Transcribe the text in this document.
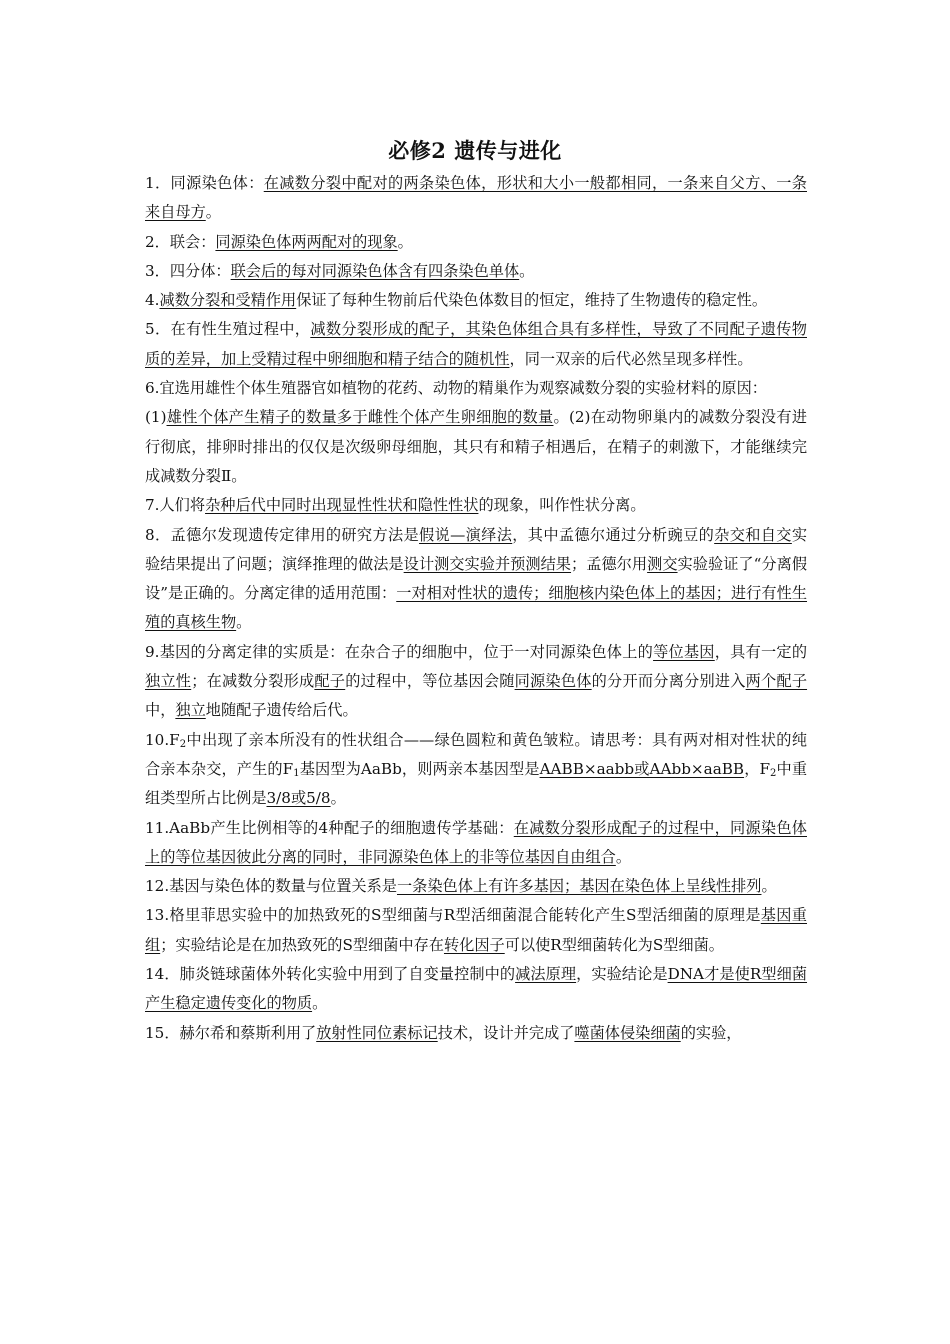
必修2 遗传与进化

1．同源染色体：在减数分裂中配对的两条染色体，形状和大小一般都相同，一条来自父方、一条来自母方。

2．联会：同源染色体两两配对的现象。

3．四分体：联会后的每对同源染色体含有四条染色单体。

4.减数分裂和受精作用保证了每种生物前后代染色体数目的恒定，维持了生物遗传的稳定性。

5．在有性生殖过程中，减数分裂形成的配子，其染色体组合具有多样性，导致了不同配子遗传物质的差异，加上受精过程中卵细胞和精子结合的随机性，同一双亲的后代必然呈现多样性。

6.宜选用雄性个体生殖器官如植物的花药、动物的精巢作为观察减数分裂的实验材料的原因：

(1)雄性个体产生精子的数量多于雌性个体产生卵细胞的数量。(2)在动物卵巢内的减数分裂没有进行彻底，排卵时排出的仅仅是次级卵母细胞，其只有和精子相遇后，在精子的刺激下，才能继续完成减数分裂Ⅱ。

7.人们将杂种后代中同时出现显性性状和隐性性状的现象，叫作性状分离。

8．孟德尔发现遗传定律用的研究方法是假说—演绎法，其中孟德尔通过分析豌豆的杂交和自交实验结果提出了问题；演绎推理的做法是设计测交实验并预测结果；孟德尔用测交实验验证了“分离假设”是正确的。分离定律的适用范围：一对相对性状的遗传；细胞核内染色体上的基因；进行有性生殖的真核生物。

9.基因的分离定律的实质是：在杂合子的细胞中，位于一对同源染色体上的等位基因，具有一定的独立性；在减数分裂形成配子的过程中，等位基因会随同源染色体的分开而分离分别进入两个配子中，独立地随配子遗传给后代。

$10.F_2$中出现了亲本所没有的性状组合——绿色圆粒和黄色皱粒。请思考：具有两对相对性状的纯合亲本杂交，产生的$F_1$基因型为AaBb，则两亲本基因型是AABB×aabb或AAbb×aaBB，$F_2$中重组类型所占比例是3/8或5/8。

11.AaBb产生比例相等的4种配子的细胞遗传学基础：在减数分裂形成配子的过程中，同源染色体上的等位基因彼此分离的同时，非同源染色体上的非等位基因自由组合。

12.基因与染色体的数量与位置关系是一条染色体上有许多基因；基因在染色体上呈线性排列。

13.格里菲思实验中的加热致死的S型细菌与R型活细菌混合能转化产生S型活细菌的原理是基因重组；实验结论是在加热致死的S型细菌中存在转化因子可以使R型细菌转化为S型细菌。

14．肺炎链球菌体外转化实验中用到了自变量控制中的减法原理，实验结论是DNA才是使R型细菌产生稳定遗传变化的物质。

15．赫尔希和蔡斯利用了放射性同位素标记技术，设计并完成了噬菌体侵染细菌的实验，
